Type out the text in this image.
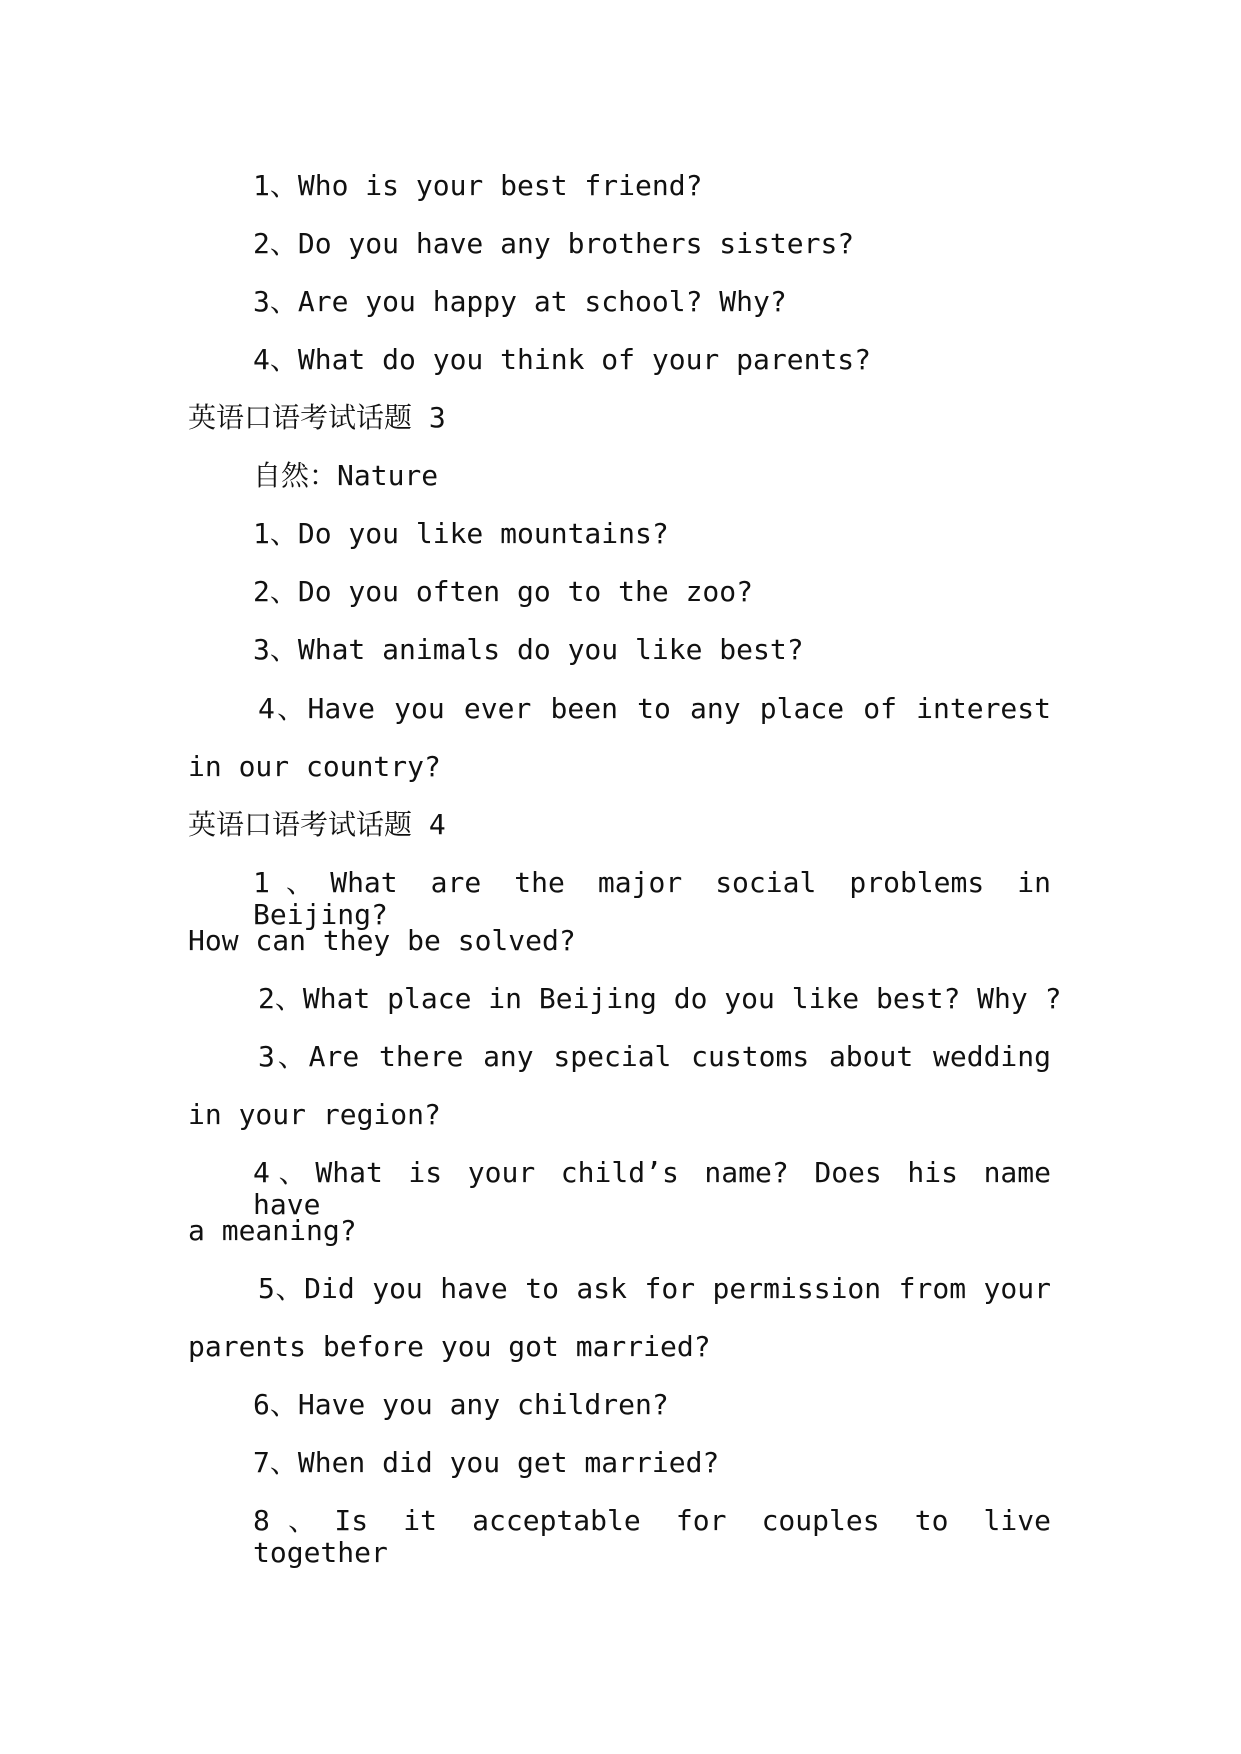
1、Who is your best friend?

2、Do you have any brothers sisters?

3、Are you happy at school? Why?

4、What do you think of your parents?

英语口语考试话题 3

自然：Nature

1、Do you like mountains?

2、Do you often go to the zoo?

3、What animals do you like best?

4、Have you ever been to any place of interest

in our country?

英语口语考试话题 4

1、What are the major social problems in Beijing?

How can they be solved?

2、What place in Beijing do you like best? Why ?

3、Are there any special customs about wedding

in your region?

4、What is your child’s name? Does his name have

a meaning?

5、Did you have to ask for permission from your

parents before you got married?

6、Have you any children?

7、When did you get married?

8、Is it acceptable for couples to live together
